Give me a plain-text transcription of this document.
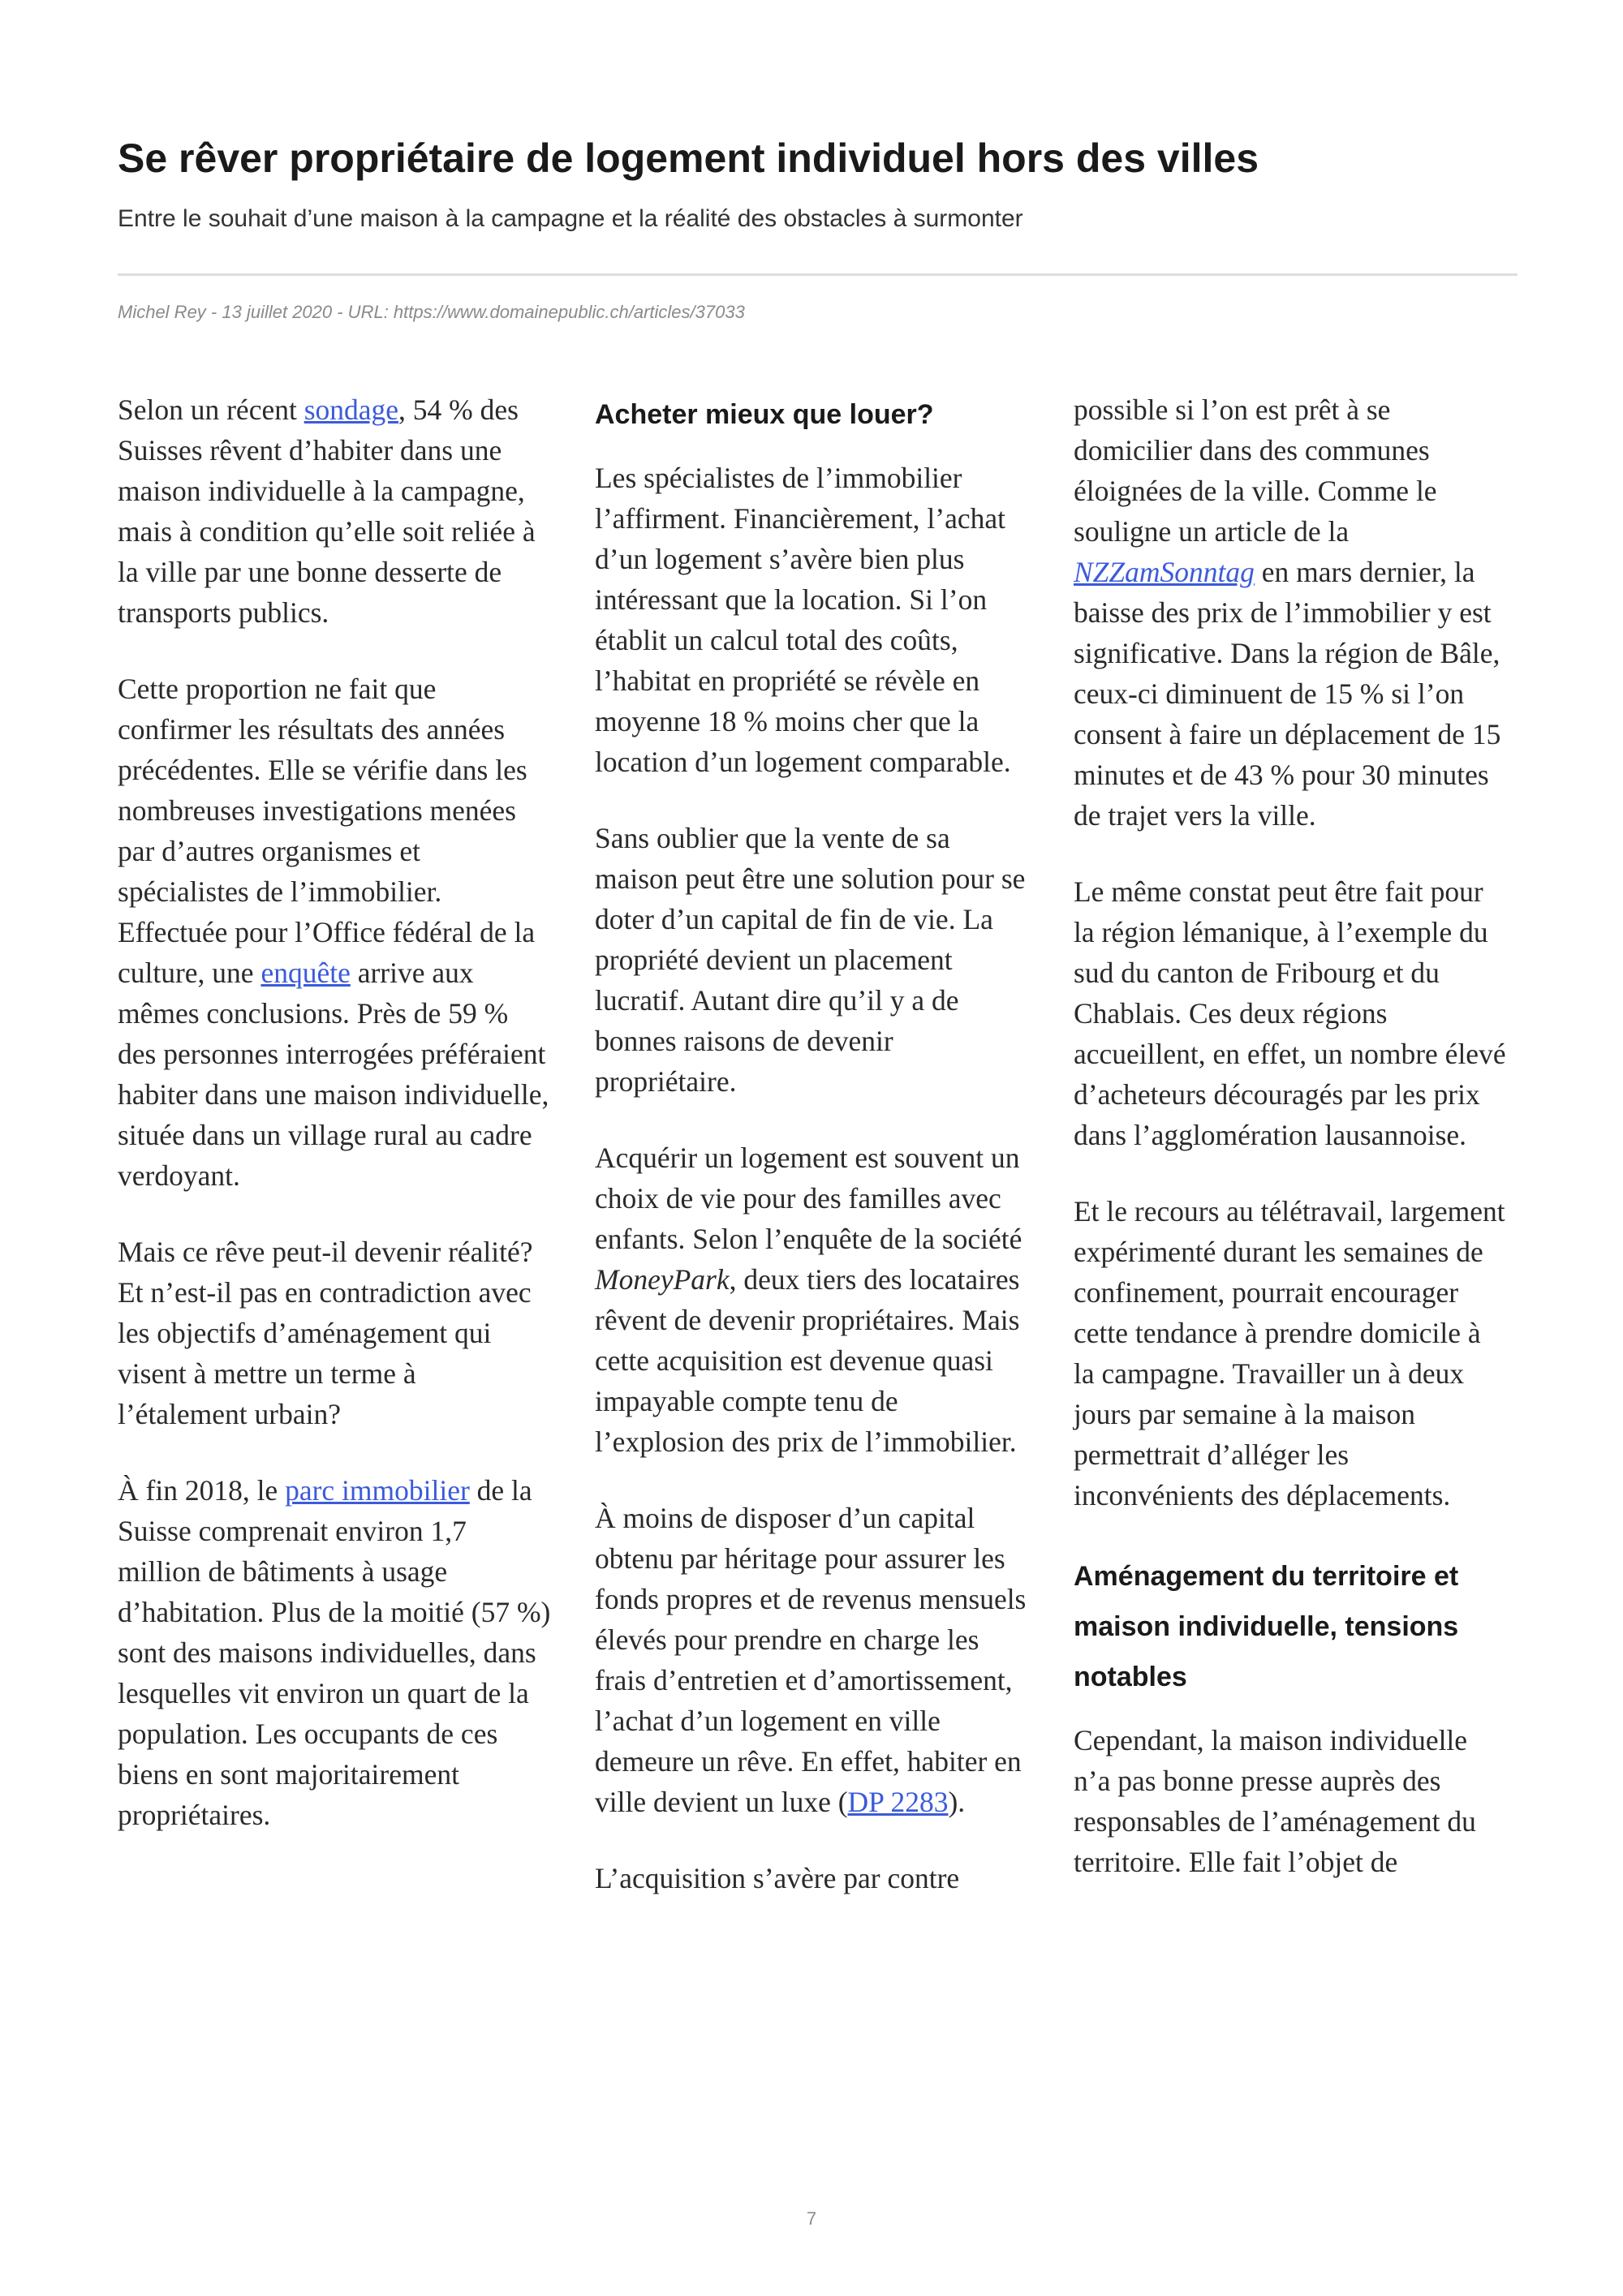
Se rêver propriétaire de logement individuel hors des villes

Entre le souhait d’une maison à la campagne et la réalité des obstacles à surmonter

Michel Rey - 13 juillet 2020 - URL: https://www.domainepublic.ch/articles/37033

Selon un récent sondage, 54 % des Suisses rêvent d’habiter dans une maison individuelle à la campagne, mais à condition qu’elle soit reliée à la ville par une bonne desserte de transports publics.

Cette proportion ne fait que confirmer les résultats des années précédentes. Elle se vérifie dans les nombreuses investigations menées par d’autres organismes et spécialistes de l’immobilier. Effectuée pour l’Office fédéral de la culture, une enquête arrive aux mêmes conclusions. Près de 59 % des personnes interrogées préféraient habiter dans une maison individuelle, située dans un village rural au cadre verdoyant.

Mais ce rêve peut-il devenir réalité? Et n’est-il pas en contradiction avec les objectifs d’aménagement qui visent à mettre un terme à l’étalement urbain?

À fin 2018, le parc immobilier de la Suisse comprenait environ 1,7 million de bâtiments à usage d’habitation. Plus de la moitié (57 %) sont des maisons individuelles, dans lesquelles vit environ un quart de la population. Les occupants de ces biens en sont majoritairement propriétaires.

Acheter mieux que louer?

Les spécialistes de l’immobilier l’affirment. Financièrement, l’achat d’un logement s’avère bien plus intéressant que la location. Si l’on établit un calcul total des coûts, l’habitat en propriété se révèle en moyenne 18 % moins cher que la location d’un logement comparable.

Sans oublier que la vente de sa maison peut être une solution pour se doter d’un capital de fin de vie. La propriété devient un placement lucratif. Autant dire qu’il y a de bonnes raisons de devenir propriétaire.

Acquérir un logement est souvent un choix de vie pour des familles avec enfants. Selon l’enquête de la société MoneyPark, deux tiers des locataires rêvent de devenir propriétaires. Mais cette acquisition est devenue quasi impayable compte tenu de l’explosion des prix de l’immobilier.

À moins de disposer d’un capital obtenu par héritage pour assurer les fonds propres et de revenus mensuels élevés pour prendre en charge les frais d’entretien et d’amortissement, l’achat d’un logement en ville demeure un rêve. En effet, habiter en ville devient un luxe (DP 2283).

L’acquisition s’avère par contre

possible si l’on est prêt à se domicilier dans des communes éloignées de la ville. Comme le souligne un article de la NZZamSonntag en mars dernier, la baisse des prix de l’immobilier y est significative. Dans la région de Bâle, ceux-ci diminuent de 15 % si l’on consent à faire un déplacement de 15 minutes et de 43 % pour 30 minutes de trajet vers la ville.

Le même constat peut être fait pour la région lémanique, à l’exemple du sud du canton de Fribourg et du Chablais. Ces deux régions accueillent, en effet, un nombre élevé d’acheteurs découragés par les prix dans l’agglomération lausannoise.

Et le recours au télétravail, largement expérimenté durant les semaines de confinement, pourrait encourager cette tendance à prendre domicile à la campagne. Travailler un à deux jours par semaine à la maison permettrait d’alléger les inconvénients des déplacements.

Aménagement du territoire et maison individuelle, tensions notables

Cependant, la maison individuelle n’a pas bonne presse auprès des responsables de l’aménagement du territoire. Elle fait l’objet de

7
